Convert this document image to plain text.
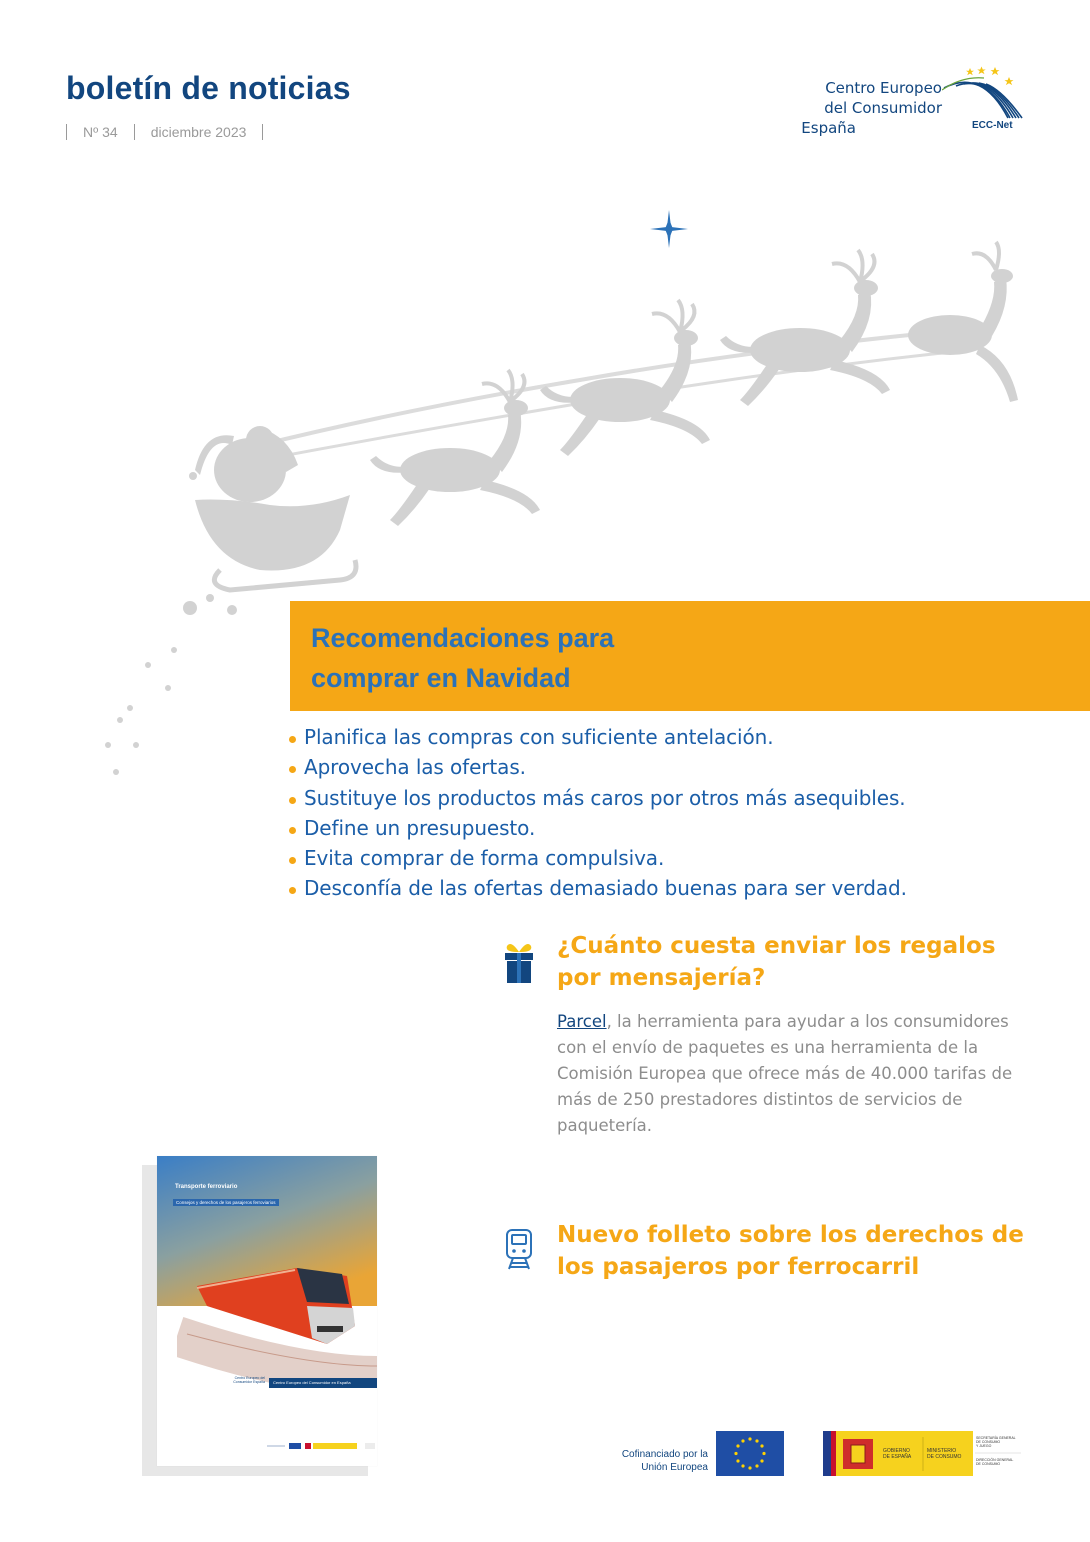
boletín de noticias
Nº 34 diciembre 2023
Centro Europeo
del Consumidor
España	ECC-Net
Recomendaciones para
comprar en Navidad
Planifica las compras con suficiente antelación.
Aprovecha las ofertas.
Sustituye los productos más caros por otros más asequibles.
Define un presupuesto.
Evita comprar de forma compulsiva.
Desconfía de las ofertas demasiado buenas para ser verdad.
¿Cuánto cuesta enviar los regalos
por mensajería?
Parcel, la herramienta para ayudar a los consumidores con el envío de paquetes es una herramienta de la Comisión Europea que ofrece más de 40.000 tarifas de más de 250 prestadores distintos de servicios de paquetería.
Nuevo folleto sobre los derechos de
los pasajeros por ferrocarril
Transporte ferroviario
Consejos y derechos de los pasajeros ferroviarios
Centro Europeo del Consumidor España	Centro Europeo del Consumidor en España
Cofinanciado por la
Unión Europea
GOBIERNO
DE ESPAÑA
MINISTERIO
DE CONSUMO
SECRETARÍA GENERAL
DE CONSUMO
Y JUEGO
DIRECCIÓN GENERAL
DE CONSUMO
